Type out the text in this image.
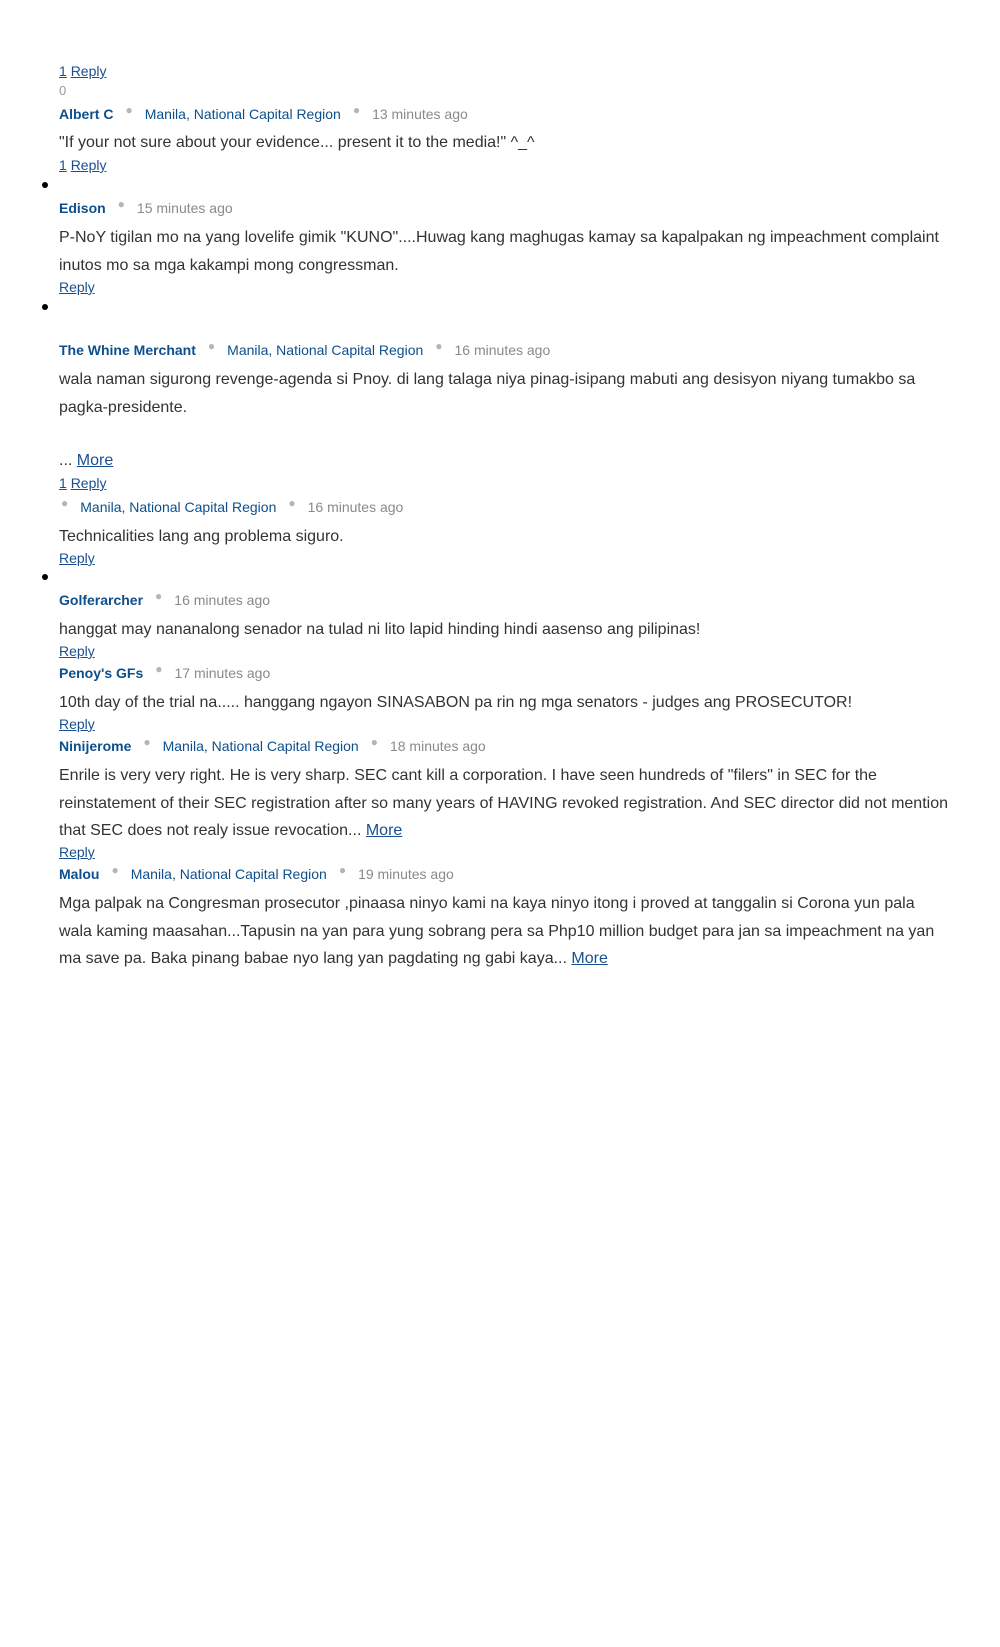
1 Reply
0
Albert C ● Manila, National Capital Region ● 13 minutes ago
"If your not sure about your evidence... present it to the media!" ^_^
1 Reply
Edison ● 15 minutes ago
P-NoY tigilan mo na yang lovelife gimik "KUNO"....Huwag kang maghugas kamay sa kapalpakan ng impeachment complaint inutos mo sa mga kakampi mong congressman.
Reply
The Whine Merchant ● Manila, National Capital Region ● 16 minutes ago
wala naman sigurong revenge-agenda si Pnoy. di lang talaga niya pinag-isipang mabuti ang desisyon niyang tumakbo sa pagka-presidente.
... More
1 Reply
● Manila, National Capital Region ● 16 minutes ago
Technicalities lang ang problema siguro.
Reply
Golferarcher ● 16 minutes ago
hanggat may nananalong senador na tulad ni lito lapid hinding hindi aasenso ang pilipinas!
Reply
Penoy's GFs ● 17 minutes ago
10th day of the trial na..... hanggang ngayon SINASABON pa rin ng mga senators - judges ang PROSECUTOR!
Reply
Ninijerome ● Manila, National Capital Region ● 18 minutes ago
Enrile is very very right. He is very sharp. SEC cant kill a corporation. I have seen hundreds of "filers" in SEC for the reinstatement of their SEC registration after so many years of HAVING revoked registration. And SEC director did not mention that SEC does not realy issue revocation... More
Reply
Malou ● Manila, National Capital Region ● 19 minutes ago
Mga palpak na Congresman prosecutor ,pinaasa ninyo kami na kaya ninyo itong i proved at tanggalin si Corona yun pala wala kaming maasahan...Tapusin na yan para yung sobrang pera sa Php10 million budget para jan sa impeachment na yan ma save pa. Baka pinang babae nyo lang yan pagdating ng gabi kaya... More
